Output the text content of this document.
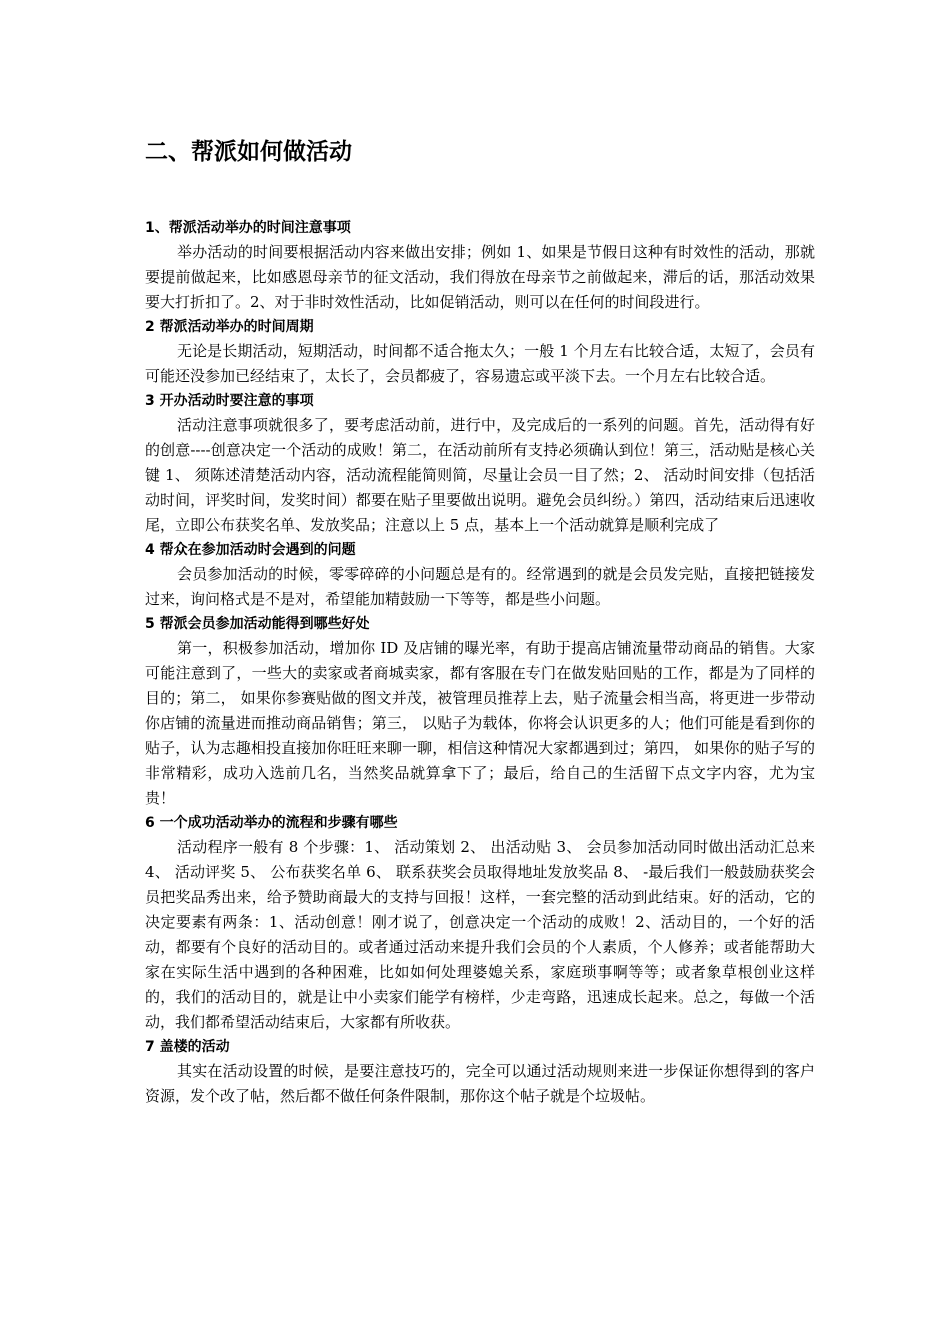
二、帮派如何做活动
1、帮派活动举办的时间注意事项

举办活动的时间要根据活动内容来做出安排；例如 1、如果是节假日这种有时效性的活动，那就要提前做起来，比如感恩母亲节的征文活动，我们得放在母亲节之前做起来，滞后的话，那活动效果要大打折扣了。2、对于非时效性活动，比如促销活动，则可以在任何的时间段进行。

2 帮派活动举办的时间周期

无论是长期活动，短期活动，时间都不适合拖太久；一般 1 个月左右比较合适，太短了，会员有可能还没参加已经结束了，太长了，会员都疲了，容易遗忘或平淡下去。一个月左右比较合适。

3 开办活动时要注意的事项

活动注意事项就很多了，要考虑活动前，进行中，及完成后的一系列的问题。首先，活动得有好的创意----创意决定一个活动的成败！第二，在活动前所有支持必须确认到位！第三，活动贴是核心关键 1、 须陈述清楚活动内容，活动流程能简则简，尽量让会员一目了然；2、 活动时间安排（包括活动时间，评奖时间，发奖时间）都要在贴子里要做出说明。避免会员纠纷。）第四，活动结束后迅速收尾，立即公布获奖名单、发放奖品；注意以上 5 点，基本上一个活动就算是顺利完成了

4 帮众在参加活动时会遇到的问题

会员参加活动的时候，零零碎碎的小问题总是有的。经常遇到的就是会员发完贴，直接把链接发过来，询问格式是不是对，希望能加精鼓励一下等等，都是些小问题。

5 帮派会员参加活动能得到哪些好处

第一，积极参加活动，增加你 ID 及店铺的曝光率，有助于提高店铺流量带动商品的销售。大家可能注意到了，一些大的卖家或者商城卖家，都有客服在专门在做发贴回贴的工作，都是为了同样的目的；第二， 如果你参赛贴做的图文并茂，被管理员推荐上去，贴子流量会相当高，将更进一步带动你店铺的流量进而推动商品销售；第三， 以贴子为载体，你将会认识更多的人；他们可能是看到你的贴子，认为志趣相投直接加你旺旺来聊一聊，相信这种情况大家都遇到过；第四， 如果你的贴子写的非常精彩，成功入选前几名，当然奖品就算拿下了；最后，给自己的生活留下点文字内容，尤为宝贵！

6 一个成功活动举办的流程和步骤有哪些

活动程序一般有 8 个步骤：1、 活动策划 2、 出活动贴 3、 会员参加活动同时做出活动汇总来 4、 活动评奖 5、 公布获奖名单 6、 联系获奖会员取得地址发放奖品 8、 -最后我们一般鼓励获奖会员把奖品秀出来，给予赞助商最大的支持与回报！这样，一套完整的活动到此结束。好的活动，它的决定要素有两条：1、活动创意！刚才说了，创意决定一个活动的成败！2、活动目的，一个好的活动，都要有个良好的活动目的。或者通过活动来提升我们会员的个人素质，个人修养；或者能帮助大家在实际生活中遇到的各种困难，比如如何处理婆媳关系，家庭琐事啊等等；或者象草根创业这样的，我们的活动目的，就是让中小卖家们能学有榜样，少走弯路，迅速成长起来。总之，每做一个活动，我们都希望活动结束后，大家都有所收获。

7 盖楼的活动

其实在活动设置的时候，是要注意技巧的，完全可以通过活动规则来进一步保证你想得到的客户资源，发个改了帖，然后都不做任何条件限制，那你这个帖子就是个垃圾帖。
